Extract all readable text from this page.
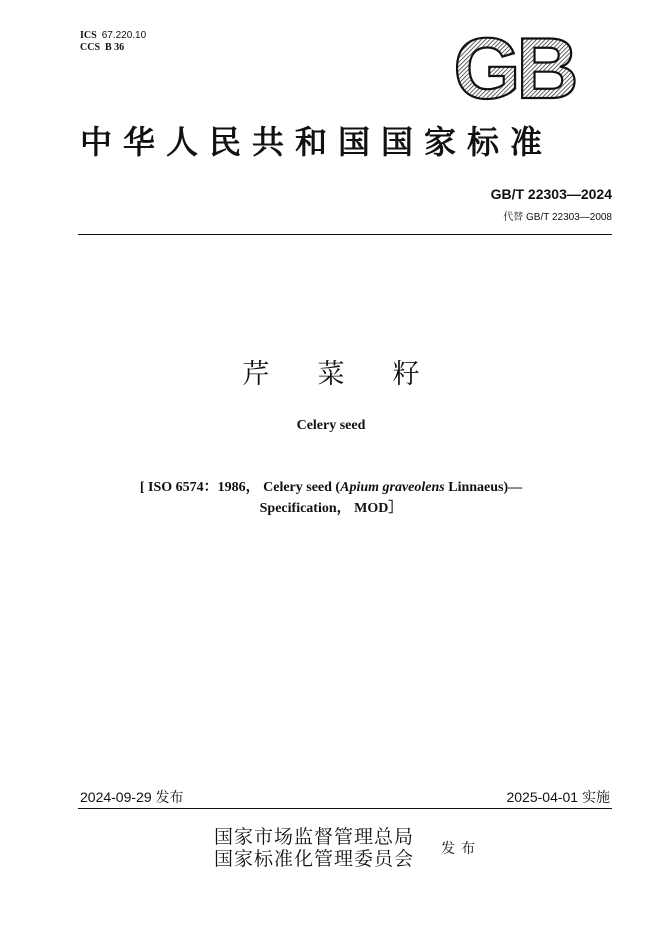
ICS 67.220.10
CCS B 36	GB
中华人民共和国国家标准
GB/T 22303—2024
代替 GB/T 22303—2008
芹菜籽
Celery seed
[ ISO 6574：1986， Celery seed (Apium graveolens Linnaeus)—
Specification， MOD］
2024-09-29 发布	2025-04-01 实施
国家市场监督管理总局
国家标准化管理委员会 发布
